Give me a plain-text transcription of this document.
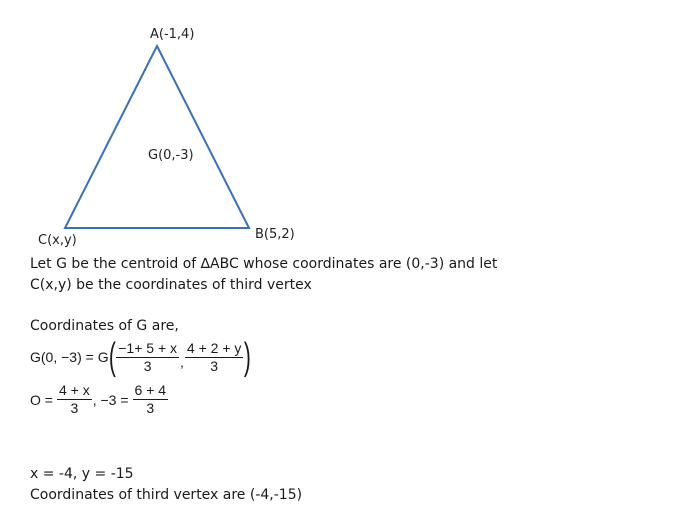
A(-1,4)
B(5,2)
C(x,y)
G(0,-3)
Let G be the centroid of ∆ABC whose coordinates are (0,-3) and let
C(x,y) be the coordinates of third vertex
Coordinates of G are,
G(0, −3) = G ( $\frac{-1+ 5 + x}{3}$ , $\frac{4 + 2 + y}{3}$ )
$O = \frac{4 + x}{3}$ , $-3 = \frac{6 + 4}{3}$
x = -4, y = -15
Coordinates of third vertex are (-4,-15)
